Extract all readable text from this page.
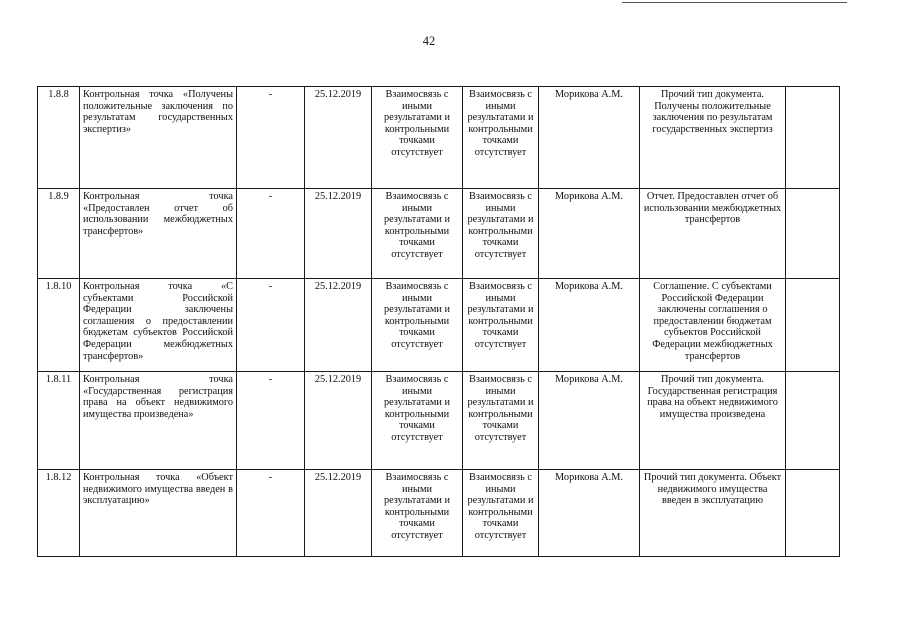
42
1.8.8	Контрольная точка «Получены положительные заключения по результатам государственных экспертиз»	-	25.12.2019	Взаимосвязь с иными результатами и контрольными точками отсутствует	Взаимосвязь с иными результатами и контрольными точками отсутствует	Морикова А.М.	Прочий тип документа. Получены положительные заключения по результатам государственных экспертиз	
1.8.9	Контрольная точка «Предоставлен отчет об использовании межбюджетных трансфертов»	-	25.12.2019	Взаимосвязь с иными результатами и контрольными точками отсутствует	Взаимосвязь с иными результатами и контрольными точками отсутствует	Морикова А.М.	Отчет. Предоставлен отчет об использовании межбюджетных трансфертов	
1.8.10	Контрольная точка «С субъектами Российской Федерации заключены соглашения о предоставлении бюджетам субъектов Российской Федерации межбюджетных трансфертов»	-	25.12.2019	Взаимосвязь с иными результатами и контрольными точками отсутствует	Взаимосвязь с иными результатами и контрольными точками отсутствует	Морикова А.М.	Соглашение. С субъектами Российской Федерации заключены соглашения о предоставлении бюджетам субъектов Российской Федерации межбюджетных трансфертов	
1.8.11	Контрольная точка «Государственная регистрация права на объект недвижимого имущества произведена»	-	25.12.2019	Взаимосвязь с иными результатами и контрольными точками отсутствует	Взаимосвязь с иными результатами и контрольными точками отсутствует	Морикова А.М.	Прочий тип документа. Государственная регистрация права на объект недвижимого имущества произведена	
1.8.12	Контрольная точка «Объект недвижимого имущества введен в эксплуатацию»	-	25.12.2019	Взаимосвязь с иными результатами и контрольными точками отсутствует	Взаимосвязь с иными результатами и контрольными точками отсутствует	Морикова А.М.	Прочий тип документа. Объект недвижимого имущества введен в эксплуатацию	
